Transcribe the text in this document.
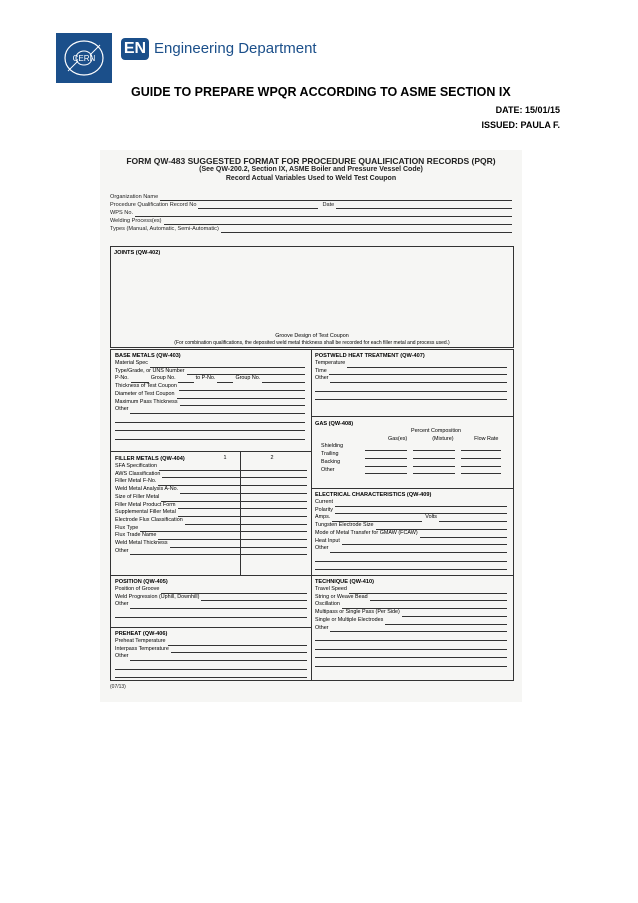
CERN
EN Engineering Department
GUIDE TO PREPARE WPQR ACCORDING TO ASME SECTION IX
DATE: 15/01/15
ISSUED: PAULA F.
FORM QW-483 SUGGESTED FORMAT FOR PROCEDURE QUALIFICATION RECORDS (PQR)
(See QW-200.2, Section IX, ASME Boiler and Pressure Vessel Code)
Record Actual Variables Used to Weld Test Coupon
Organization Name
Procedure Qualification Record No	Date
WPS No.
Welding Process(es)
Types (Manual, Automatic, Semi-Automatic)
JOINTS (QW-402)
Groove Design of Test Coupon
(For combination qualifications, the deposited weld metal thickness shall be recorded for each filler metal and process used.)
BASE METALS (QW-403)
Material Spec
Type/Grade, or UNS Number
P-No.	Group No.	to P-No.	Group No.
Thickness of Test Coupon
Diameter of Test Coupon
Maximum Pass Thickness
Other
POSTWELD HEAT TREATMENT (QW-407)
Temperature
Time
Other
GAS (QW-408)
Percent Composition
Gas(es)	(Mixture)	Flow Rate
Shielding
Trailing
Backing
Other
FILLER METALS (QW-404)	1	2
SFA Specification
AWS Classification
Filler Metal F-No.
Weld Metal Analysis A-No.
Size of Filler Metal
Filler Metal Product Form
Supplemental Filler Metal
Electrode Flux Classification
Flux Type
Flux Trade Name
Weld Metal Thickness
Other
ELECTRICAL CHARACTERISTICS (QW-409)
Current
Polarity
Amps.	Volts
Tungsten Electrode Size
Mode of Metal Transfer for GMAW (FCAW)
Heat Input
Other
POSITION (QW-405)
Position of Groove
Weld Progression (Uphill, Downhill)
Other
TECHNIQUE (QW-410)
Travel Speed
String or Weave Bead
Oscillation
Multipass or Single Pass (Per Side)
Single or Multiple Electrodes
Other
PREHEAT (QW-406)
Preheat Temperature
Interpass Temperature
Other
(07/13)
